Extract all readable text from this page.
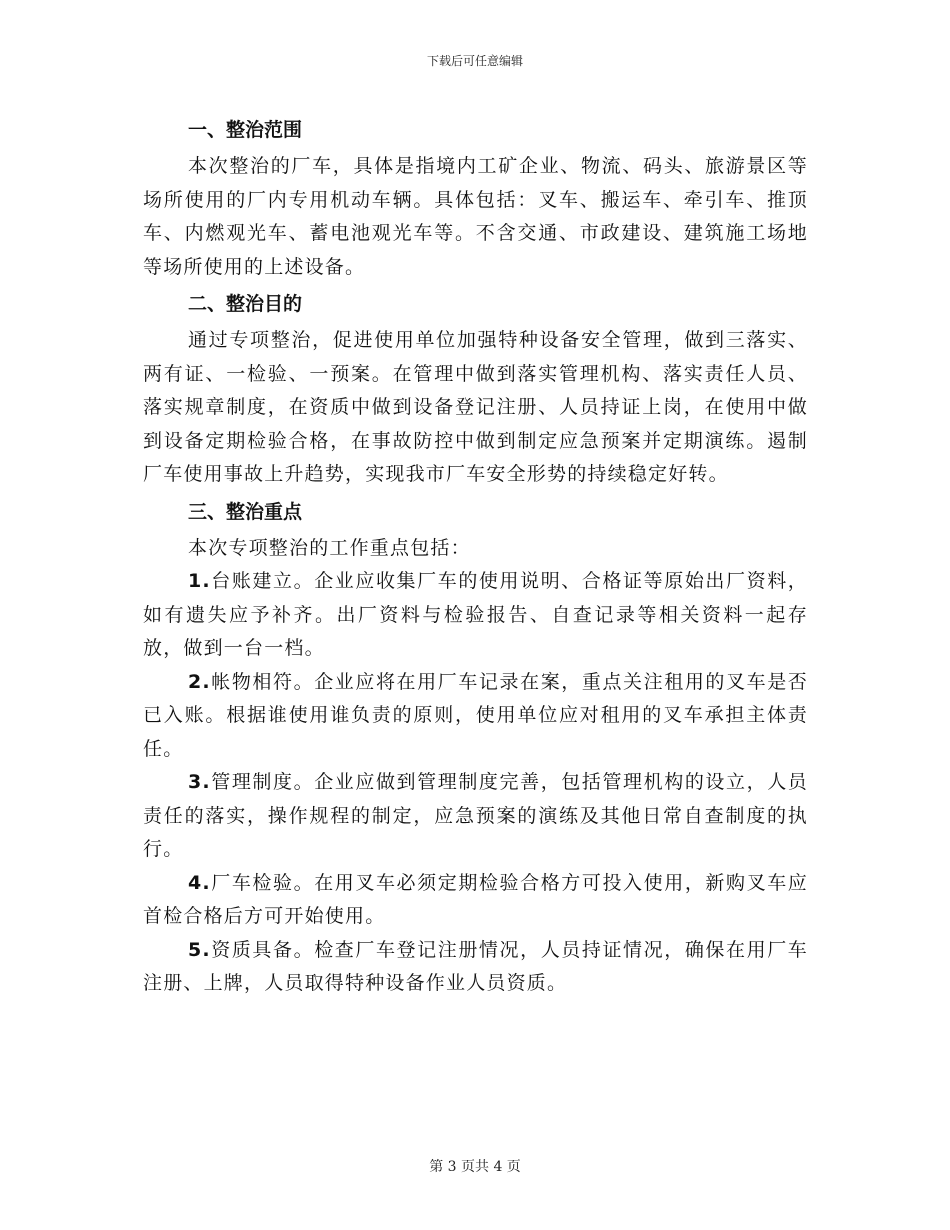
下载后可任意编辑
一、整治范围

本次整治的厂车，具体是指境内工矿企业、物流、码头、旅游景区等场所使用的厂内专用机动车辆。具体包括：叉车、搬运车、牵引车、推顶车、内燃观光车、蓄电池观光车等。不含交通、市政建设、建筑施工场地等场所使用的上述设备。

二、整治目的

通过专项整治，促进使用单位加强特种设备安全管理，做到三落实、两有证、一检验、一预案。在管理中做到落实管理机构、落实责任人员、落实规章制度，在资质中做到设备登记注册、人员持证上岗，在使用中做到设备定期检验合格，在事故防控中做到制定应急预案并定期演练。遏制厂车使用事故上升趋势，实现我市厂车安全形势的持续稳定好转。

三、整治重点

本次专项整治的工作重点包括：

1.台账建立。企业应收集厂车的使用说明、合格证等原始出厂资料，如有遗失应予补齐。出厂资料与检验报告、自查记录等相关资料一起存放，做到一台一档。

2.帐物相符。企业应将在用厂车记录在案，重点关注租用的叉车是否已入账。根据谁使用谁负责的原则，使用单位应对租用的叉车承担主体责任。

3.管理制度。企业应做到管理制度完善，包括管理机构的设立，人员责任的落实，操作规程的制定，应急预案的演练及其他日常自查制度的执行。

4.厂车检验。在用叉车必须定期检验合格方可投入使用，新购叉车应首检合格后方可开始使用。

5.资质具备。检查厂车登记注册情况，人员持证情况，确保在用厂车注册、上牌，人员取得特种设备作业人员资质。

第 3 页共 4 页
